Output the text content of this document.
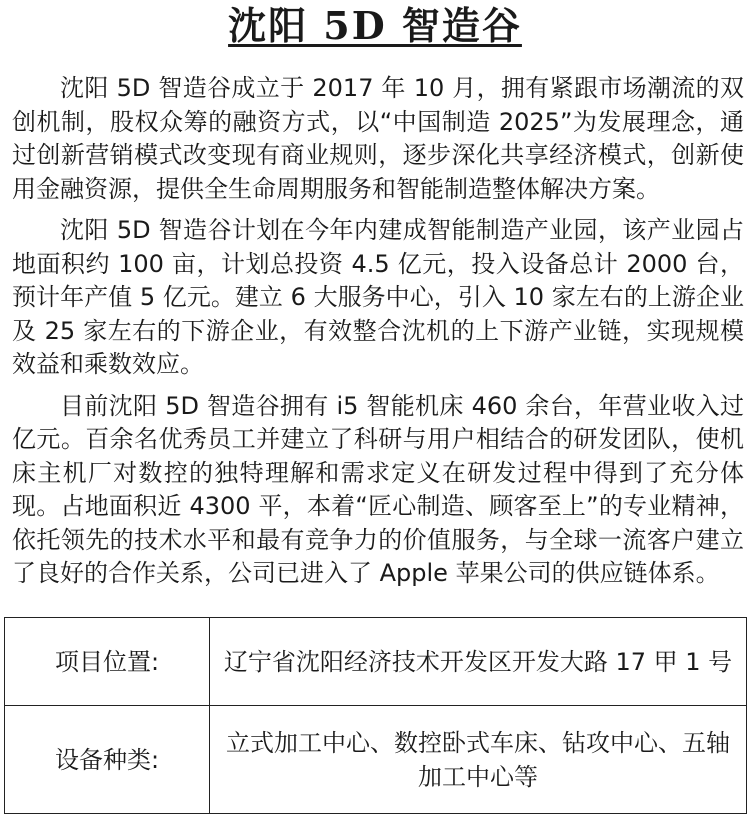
沈阳 5D 智造谷

沈阳 5D 智造谷成立于 2017 年 10 月，拥有紧跟市场潮流的双创机制，股权众筹的融资方式，以“中国制造 2025”为发展理念，通过创新营销模式改变现有商业规则，逐步深化共享经济模式，创新使用金融资源，提供全生命周期服务和智能制造整体解决方案。

沈阳 5D 智造谷计划在今年内建成智能制造产业园，该产业园占地面积约 100 亩，计划总投资 4.5 亿元，投入设备总计 2000 台，预计年产值 5 亿元。建立 6 大服务中心，引入 10 家左右的上游企业及 25 家左右的下游企业，有效整合沈机的上下游产业链，实现规模效益和乘数效应。

目前沈阳 5D 智造谷拥有 i5 智能机床 460 余台，年营业收入过亿元。百余名优秀员工并建立了科研与用户相结合的研发团队，使机床主机厂对数控的独特理解和需求定义在研发过程中得到了充分体现。占地面积近 4300 平，本着“匠心制造、顾客至上”的专业精神，依托领先的技术水平和最有竞争力的价值服务，与全球一流客户建立了良好的合作关系，公司已进入了 Apple 苹果公司的供应链体系。

项目位置:	辽宁省沈阳经济技术开发区开发大路 17 甲 1 号
设备种类:	立式加工中心、数控卧式车床、钻攻中心、五轴加工中心等
